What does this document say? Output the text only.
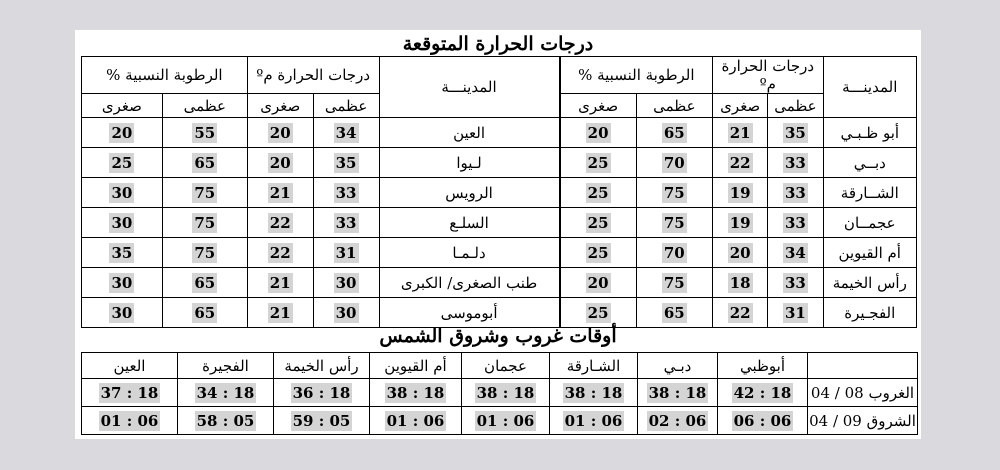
درجات الحرارة المتوقعة
المدينـــة	درجات الحرارة مº		الرطوبة النسبية %		المدينـــة	درجات الحرارة مº		الرطوبة النسبية %	
	عظمى	صغرى	عظمى	صغرى		عظمى	صغرى	عظمى	صغرى
أبو ظـبـي	35	21	65	20	العين	34	20	55	20
دبــي	33	22	70	25	لـيوا	35	20	65	25
الشــارقة	33	19	75	25	الرويس	33	21	75	30
عجمــان	33	19	75	25	السلـع	33	22	75	30
أم القيوين	34	20	70	25	دلـمـا	31	22	75	35
رأس الخيمة	33	18	75	20	طنب الصغرى/ الكبرى	30	21	65	30
الفجـيرة	31	22	65	25	أبوموسى	30	21	65	30
أوقات غروب وشروق الشمس
	أبوظبي	دبـي	الشـارقة	عجمان	أم القيوين	رأس الخيمة	الفجيرة	العين
الغروب 08 / 04	18 : 42	18 : 38	18 : 38	18 : 38	18 : 38	18 : 36	18 : 34	18 : 37
الشروق 09 / 04	06 : 06	06 : 02	06 : 01	06 : 01	06 : 01	05 : 59	05 : 58	06 : 01
